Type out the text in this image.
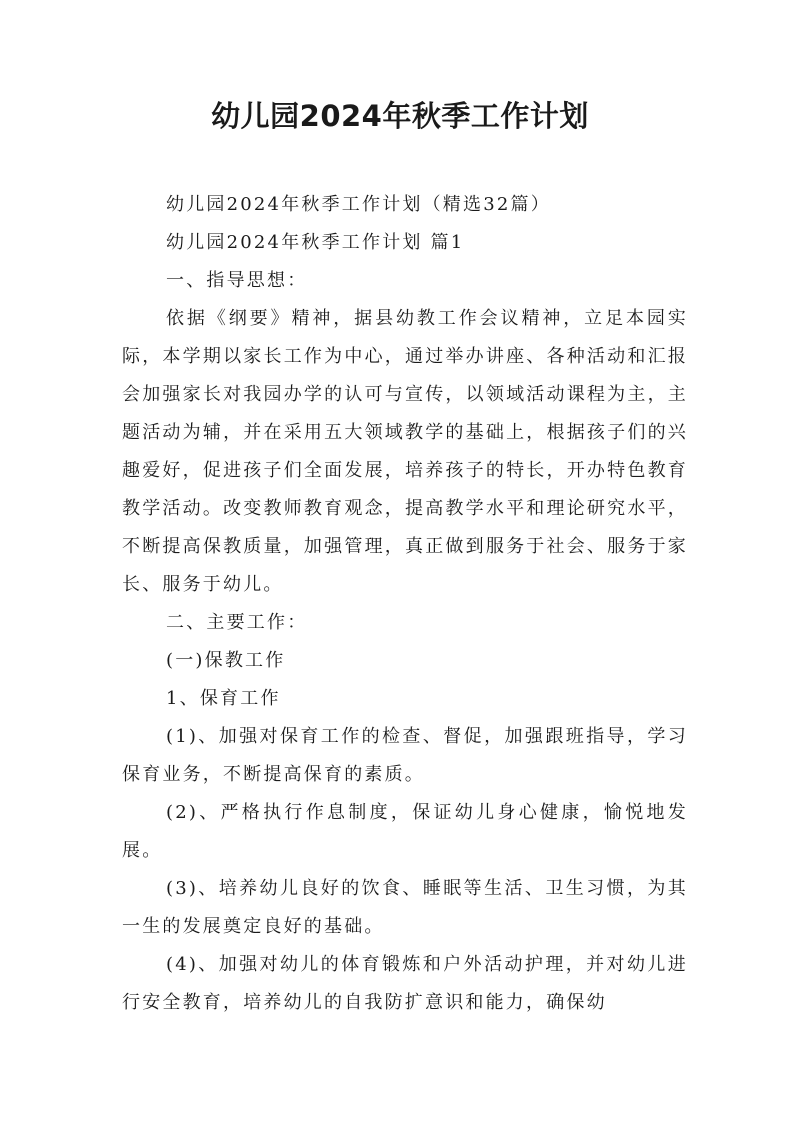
幼儿园2024年秋季工作计划

幼儿园2024年秋季工作计划（精选32篇）

幼儿园2024年秋季工作计划 篇1

一、指导思想：

依据《纲要》精神，据县幼教工作会议精神，立足本园实际，本学期以家长工作为中心，通过举办讲座、各种活动和汇报会加强家长对我园办学的认可与宣传，以领域活动课程为主，主题活动为辅，并在采用五大领域教学的基础上，根据孩子们的兴趣爱好，促进孩子们全面发展，培养孩子的特长，开办特色教育教学活动。改变教师教育观念，提高教学水平和理论研究水平，不断提高保教质量，加强管理，真正做到服务于社会、服务于家长、服务于幼儿。

二、主要工作：

(一)保教工作

1、保育工作

(1)、加强对保育工作的检查、督促，加强跟班指导，学习保育业务，不断提高保育的素质。

(2)、严格执行作息制度，保证幼儿身心健康，愉悦地发展。

(3)、培养幼儿良好的饮食、睡眠等生活、卫生习惯，为其一生的发展奠定良好的基础。

(4)、加强对幼儿的体育锻炼和户外活动护理，并对幼儿进行安全教育，培养幼儿的自我防扩意识和能力，确保幼
